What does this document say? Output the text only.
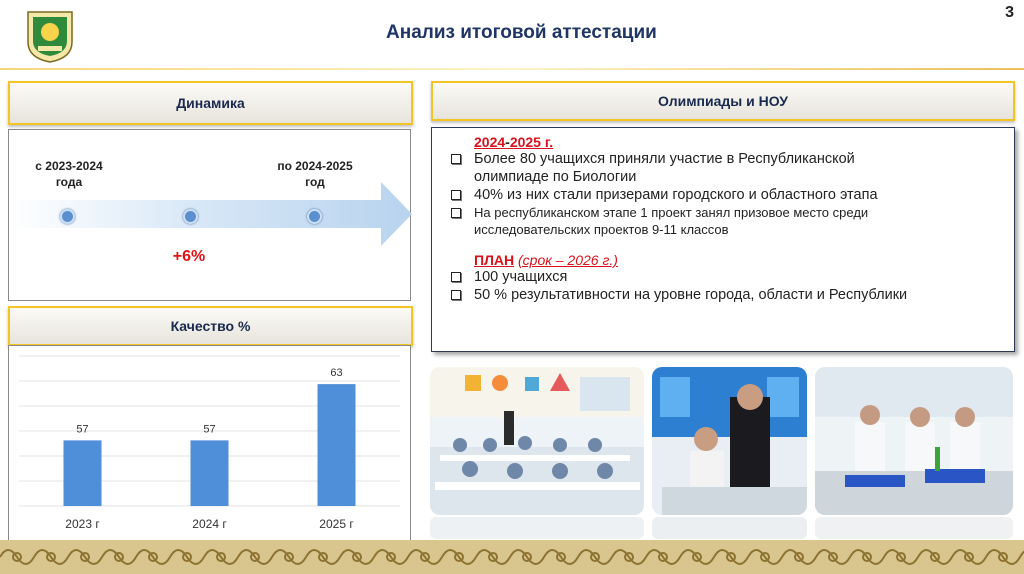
3
Анализ итоговой аттестации
Динамика
с 2023-2024
года
по 2024-2025
год
+6%
Качество %
57
2023 г
57
2024 г
63
2025 г
Олимпиады и НОУ
2024-2025 г.
Более 80 учащихся приняли участие в Республиканской
олимпиаде по Биологии
40% из них стали призерами городского и областного этапа
На республиканском этапе 1 проект занял призовое место среди
исследовательских проектов 9-11 классов
ПЛАН (срок – 2026 г.)
100 учащихся
50 % результативности на уровне города, области и Республики
